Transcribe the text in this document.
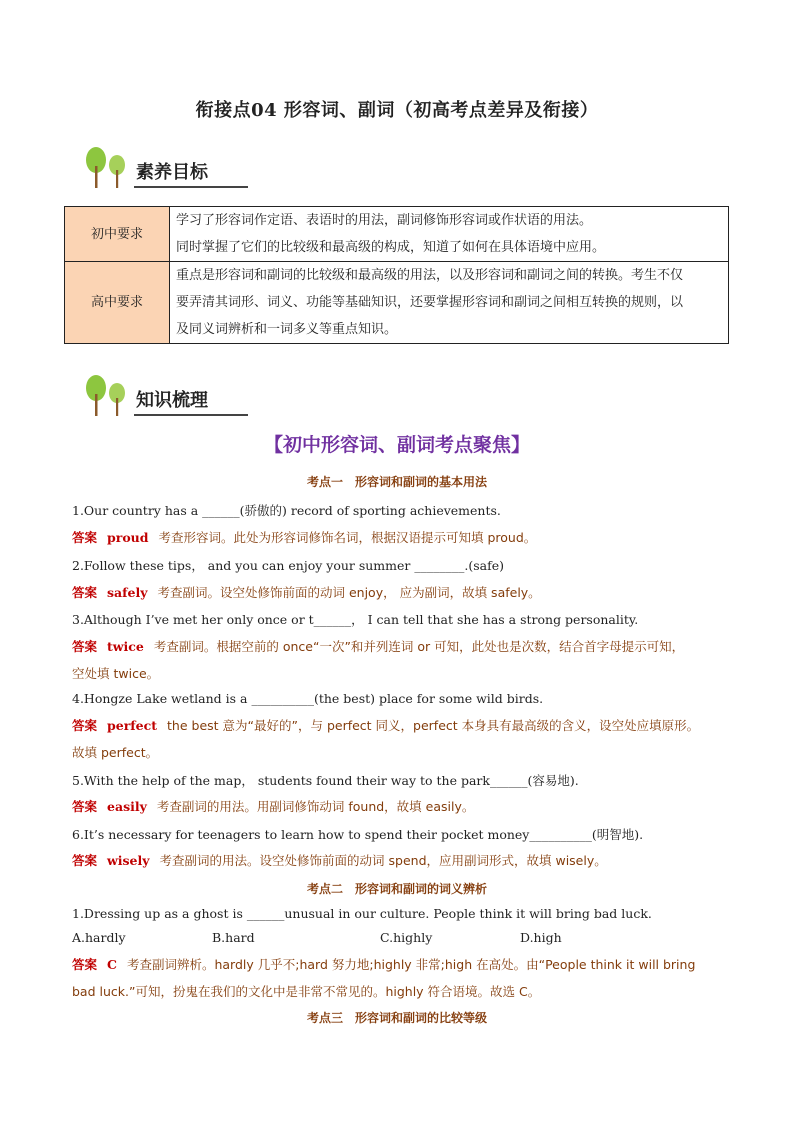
衔接点04 形容词、副词（初高考点差异及衔接）
素养目标
初中要求	学习了形容词作定语、表语时的用法，副词修饰形容词或作状语的用法。
同时掌握了它们的比较级和最高级的构成，知道了如何在具体语境中应用。

高中要求	重点是形容词和副词的比较级和最高级的用法，以及形容词和副词之间的转换。考生不仅
要弄清其词形、词义、功能等基础知识，还要掌握形容词和副词之间相互转换的规则，以
及同义词辨析和一词多义等重点知识。
知识梳理
【初中形容词、副词考点聚焦】
考点一　形容词和副词的基本用法
1.Our country has a ______(骄傲的) record of sporting achievements.
答案 proud 考查形容词。此处为形容词修饰名词，根据汉语提示可知填 proud。
2.Follow these tips， and you can enjoy your summer ________.(safe)
答案 safely 考查副词。设空处修饰前面的动词 enjoy， 应为副词，故填 safely。
3.Although I’ve met her only once or t______， I can tell that she has a strong personality.
答案 twice 考查副词。根据空前的 once“一次”和并列连词 or 可知，此处也是次数，结合首字母提示可知，
空处填 twice。
4.Hongze Lake wetland is a __________(the best) place for some wild birds.
答案 perfect the best 意为“最好的”，与 perfect 同义，perfect 本身具有最高级的含义，设空处应填原形。
故填 perfect。
5.With the help of the map， students found their way to the park______(容易地).
答案 easily 考查副词的用法。用副词修饰动词 found，故填 easily。
6.It’s necessary for teenagers to learn how to spend their pocket money__________(明智地).
答案 wisely 考查副词的用法。设空处修饰前面的动词 spend，应用副词形式，故填 wisely。
考点二　形容词和副词的词义辨析
1.Dressing up as a ghost is ______unusual in our culture. People think it will bring bad luck.
A.hardly	B.hard	C.highly	D.high
答案 C 考查副词辨析。hardly 几乎不;hard 努力地;highly 非常;high 在高处。由“People think it will bring
bad luck.”可知，扮鬼在我们的文化中是非常不常见的。highly 符合语境。故选 C。
考点三　形容词和副词的比较等级
